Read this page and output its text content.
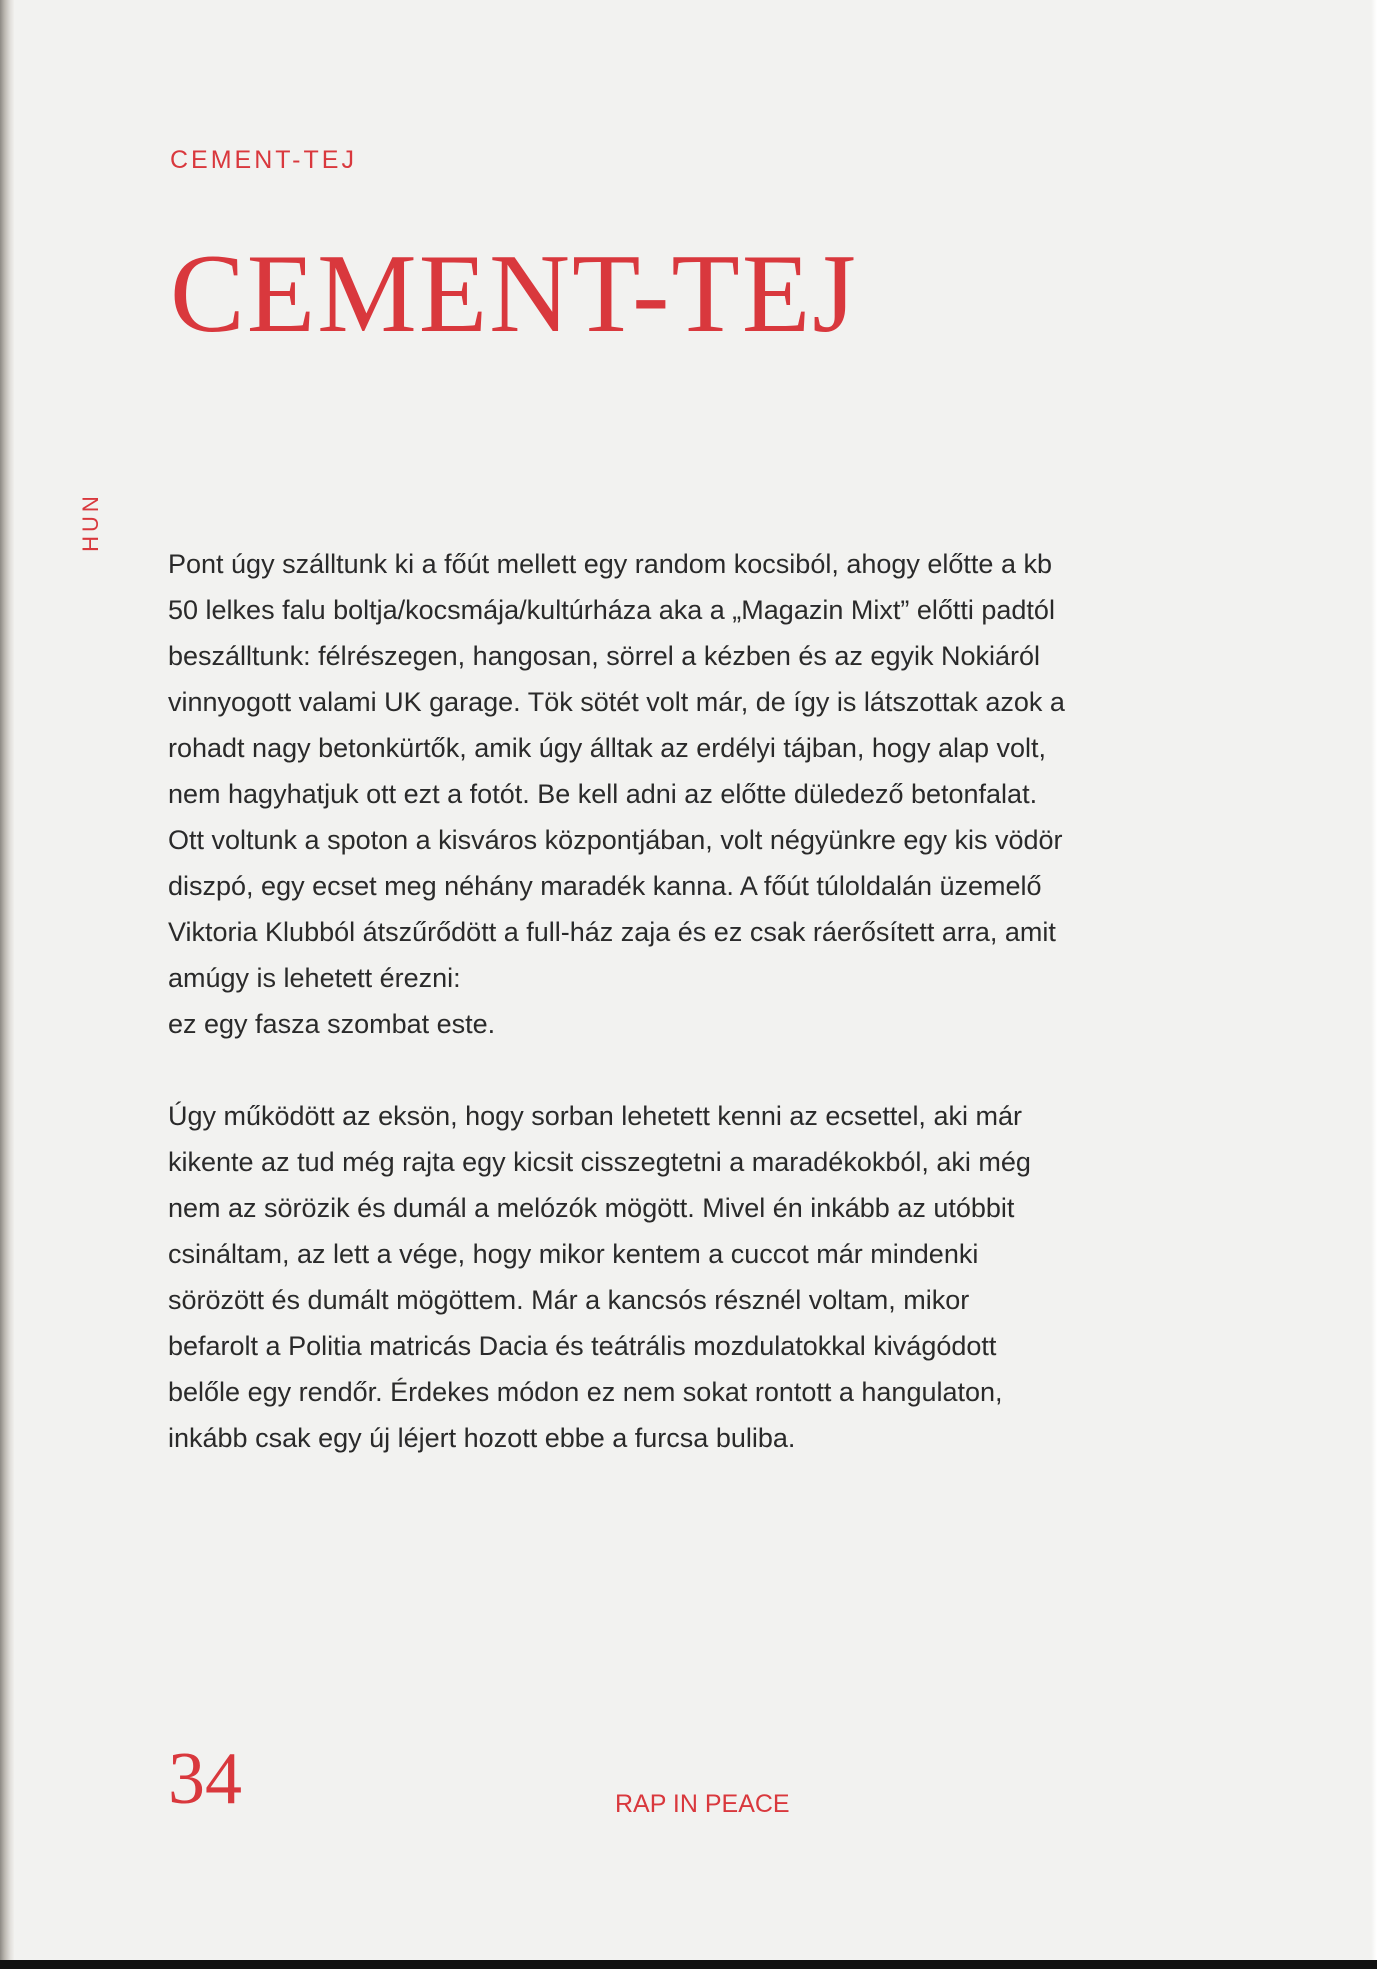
CEMENT-TEJ
CEMENT-TEJ
HUN

Pont úgy szálltunk ki a főút mellett egy random kocsiból, ahogy előtte a kb
50 lelkes falu boltja/kocsmája/kultúrháza aka a „Magazin Mixt” előtti padtól
beszálltunk: félrészegen, hangosan, sörrel a kézben és az egyik Nokiáról
vinnyogott valami UK garage. Tök sötét volt már, de így is látszottak azok a
rohadt nagy betonkürtők, amik úgy álltak az erdélyi tájban, hogy alap volt,
nem hagyhatjuk ott ezt a fotót. Be kell adni az előtte düledező betonfalat.
Ott voltunk a spoton a kisváros központjában, volt négyünkre egy kis vödör
diszpó, egy ecset meg néhány maradék kanna. A főút túloldalán üzemelő
Viktoria Klubból átszűrődött a full-ház zaja és ez csak ráerősített arra, amit
amúgy is lehetett érezni:
ez egy fasza szombat este.

Úgy működött az eksön, hogy sorban lehetett kenni az ecsettel, aki már
kikente az tud még rajta egy kicsit cisszegtetni a maradékokból, aki még
nem az sörözik és dumál a melózók mögött. Mivel én inkább az utóbbit
csináltam, az lett a vége, hogy mikor kentem a cuccot már mindenki
sörözött és dumált mögöttem. Már a kancsós résznél voltam, mikor
befarolt a Politia matricás Dacia és teátrális mozdulatokkal kivágódott
belőle egy rendőr. Érdekes módon ez nem sokat rontott a hangulaton,
inkább csak egy új léjert hozott ebbe a furcsa buliba.

34	RAP IN PEACE
